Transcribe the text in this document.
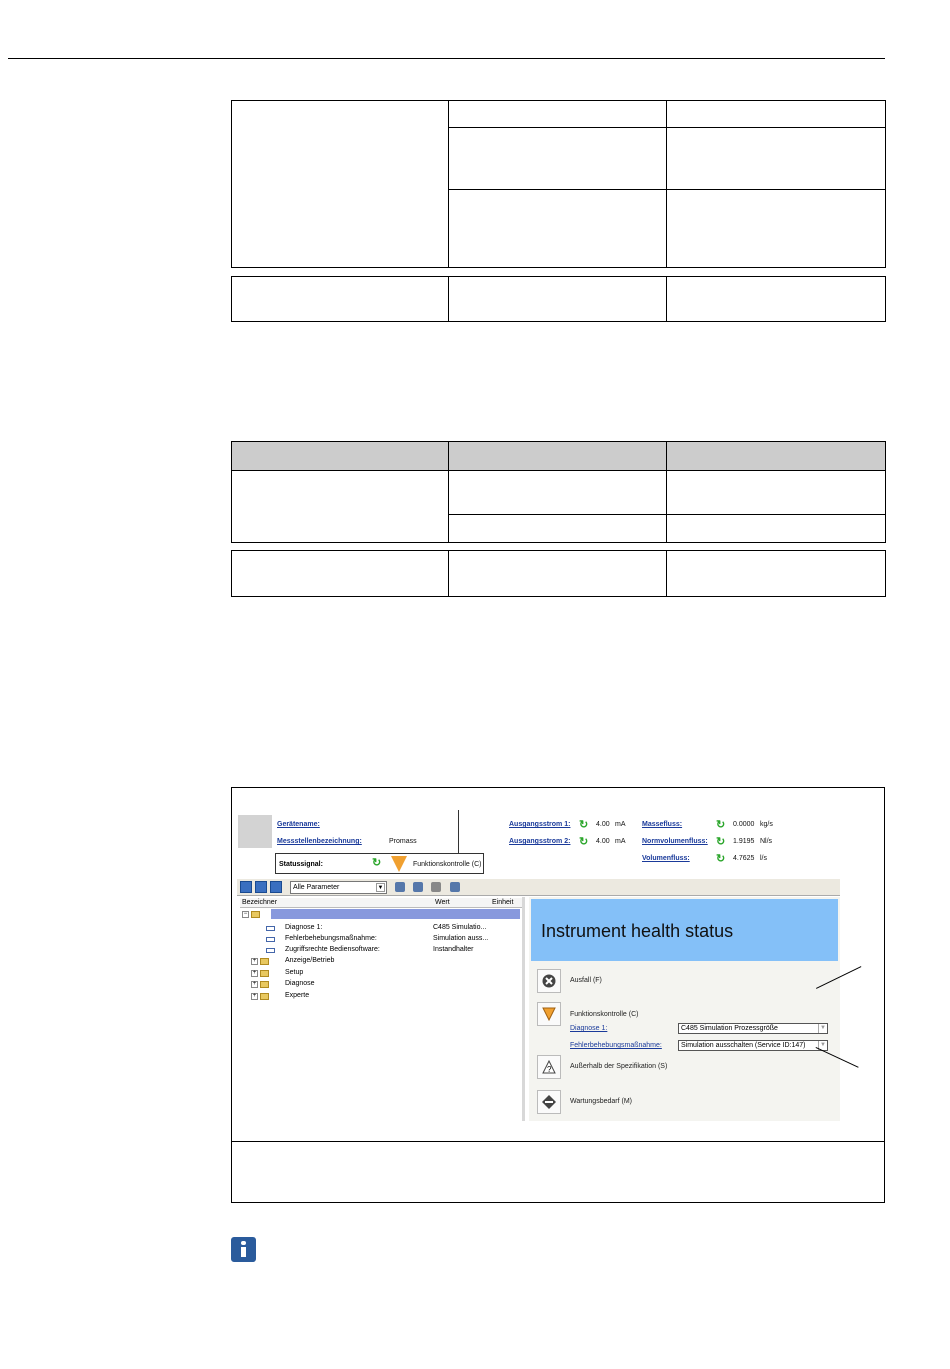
Gerätename:
Messstellenbezeichnung:	Promass
Statussignal:	↻	Funktionskontrolle (C)
Ausgangsstrom 1: ↻ 4.00 mA
Ausgangsstrom 2: ↻ 4.00 mA
Massefluss:	↻ 0.0000 kg/s
Normvolumenfluss: ↻ 1.9195 Nl/s
Volumenfluss: ↻ 4.7625 l/s
Alle Parameter	▼
Bezeichner	Wert	Einheit
−
Diagnose 1:	C485 Simulatio...
Fehlerbehebungsmaßnahme:	Simulation auss...
Zugriffsrechte Bediensoftware:	Instandhalter
+	Anzeige/Betrieb
+	Setup
+	Diagnose
+	Experte
Instrument health status
Ausfall (F)
Funktionskontrolle (C)
Diagnose 1:	C485 Simulation Prozessgröße	▼
Fehlerbehebungsmaßnahme:	Simulation ausschalten (Service ID:147)	▼
?	Außerhalb der Spezifikation (S)
Wartungsbedarf (M)
